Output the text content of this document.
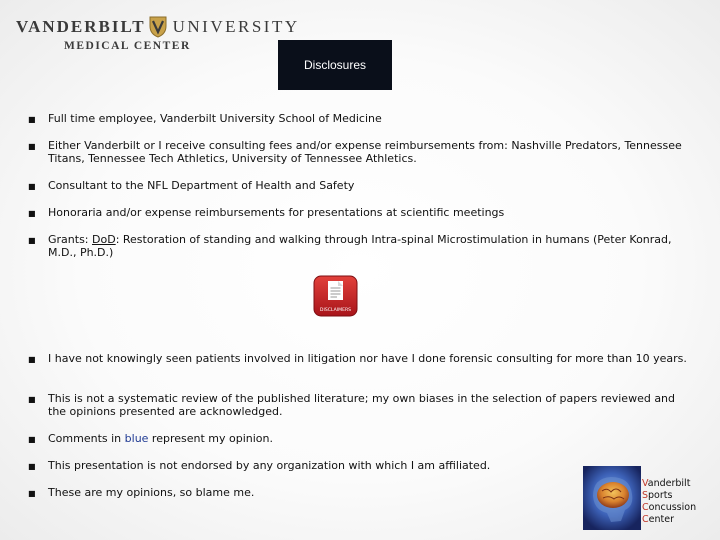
VANDERBILT UNIVERSITY
MEDICAL CENTER
Disclosures
■	Full time employee, Vanderbilt University School of Medicine
■	Either Vanderbilt or I receive consulting fees and/or expense reimbursements from: Nashville Predators, Tennessee Titans, Tennessee Tech Athletics, University of Tennessee Athletics.
■	Consultant to the NFL Department of Health and Safety
■	Honoraria and/or expense reimbursements for presentations at scientific meetings
■	Grants: DoD: Restoration of standing and walking through Intra-spinal Microstimulation in humans (Peter Konrad, M.D., Ph.D.)
■	I have not knowingly seen patients involved in litigation nor have I done forensic consulting for more than 10 years.
■	This is not a systematic review of the published literature; my own biases in the selection of papers reviewed and the opinions presented are acknowledged.
■	Comments in blue represent my opinion.
■	This presentation is not endorsed by any organization with which I am affiliated.
■	These are my opinions, so blame me.
DISCLAIMERS
Vanderbilt
Sports
Concussion
Center
